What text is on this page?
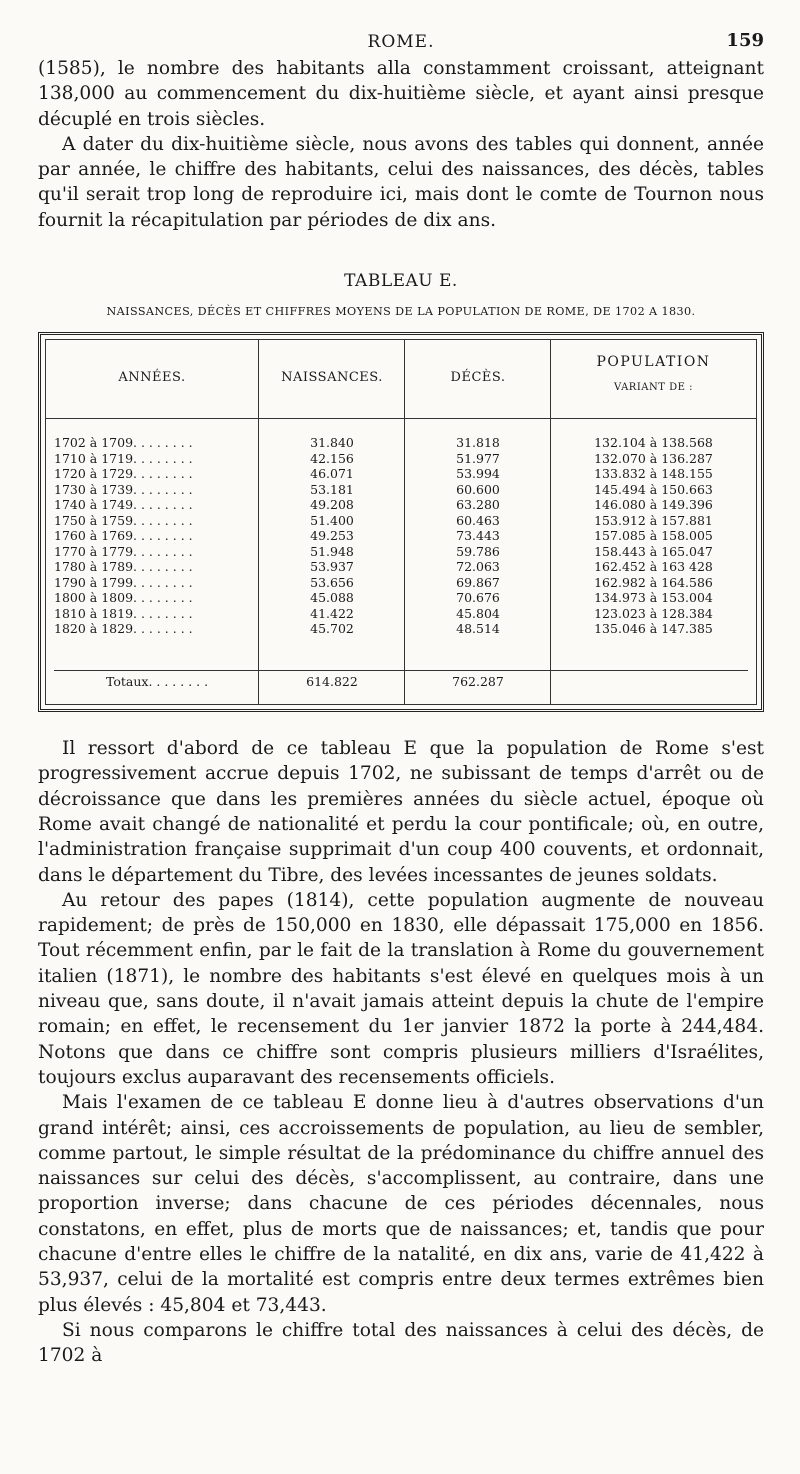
ROME.	159

(1585), le nombre des habitants alla constamment croissant, atteignant 138,000 au commencement du dix-huitième siècle, et ayant ainsi presque décuplé en trois siècles.

A dater du dix-huitième siècle, nous avons des tables qui donnent, année par année, le chiffre des habitants, celui des naissances, des décès, tables qu'il serait trop long de reproduire ici, mais dont le comte de Tournon nous fournit la récapitulation par périodes de dix ans.

TABLEAU E.
NAISSANCES, DÉCÈS ET CHIFFRES MOYENS DE LA POPULATION DE ROME, DE 1702 A 1830.
ANNÉES.
1702 à 1709. . . . . . . .
1710 à 1719. . . . . . . .
1720 à 1729. . . . . . . .
1730 à 1739. . . . . . . .
1740 à 1749. . . . . . . .
1750 à 1759. . . . . . . .
1760 à 1769. . . . . . . .
1770 à 1779. . . . . . . .
1780 à 1789. . . . . . . .
1790 à 1799. . . . . . . .
1800 à 1809. . . . . . . .
1810 à 1819. . . . . . . .
1820 à 1829. . . . . . . .
Totaux. . . . . . . .
NAISSANCES.
31.840
42.156
46.071
53.181
49.208
51.400
49.253
51.948
53.937
53.656
45.088
41.422
45.702
614.822
DÉCÈS.
31.818
51.977
53.994
60.600
63.280
60.463
73.443
59.786
72.063
69.867
70.676
45.804
48.514
762.287
POPULATION
VARIANT DE :
132.104 à 138.568
132.070 à 136.287
133.832 à 148.155
145.494 à 150.663
146.080 à 149.396
153.912 à 157.881
157.085 à 158.005
158.443 à 165.047
162.452 à 163 428
162.982 à 164.586
134.973 à 153.004
123.023 à 128.384
135.046 à 147.385

Il ressort d'abord de ce tableau E que la population de Rome s'est progressivement accrue depuis 1702, ne subissant de temps d'arrêt ou de décroissance que dans les premières années du siècle actuel, époque où Rome avait changé de nationalité et perdu la cour pontificale; où, en outre, l'administration française supprimait d'un coup 400 couvents, et ordonnait, dans le département du Tibre, des levées incessantes de jeunes soldats.

Au retour des papes (1814), cette population augmente de nouveau rapidement; de près de 150,000 en 1830, elle dépassait 175,000 en 1856. Tout récemment enfin, par le fait de la translation à Rome du gouvernement italien (1871), le nombre des habitants s'est élevé en quelques mois à un niveau que, sans doute, il n'avait jamais atteint depuis la chute de l'empire romain; en effet, le recensement du 1er janvier 1872 la porte à 244,484. Notons que dans ce chiffre sont compris plusieurs milliers d'Israélites, toujours exclus auparavant des recensements officiels.

Mais l'examen de ce tableau E donne lieu à d'autres observations d'un grand intérêt; ainsi, ces accroissements de population, au lieu de sembler, comme partout, le simple résultat de la prédominance du chiffre annuel des naissances sur celui des décès, s'accomplissent, au contraire, dans une proportion inverse; dans chacune de ces périodes décennales, nous constatons, en effet, plus de morts que de naissances; et, tandis que pour chacune d'entre elles le chiffre de la natalité, en dix ans, varie de 41,422 à 53,937, celui de la mortalité est compris entre deux termes extrêmes bien plus élevés : 45,804 et 73,443.

Si nous comparons le chiffre total des naissances à celui des décès, de 1702 à
